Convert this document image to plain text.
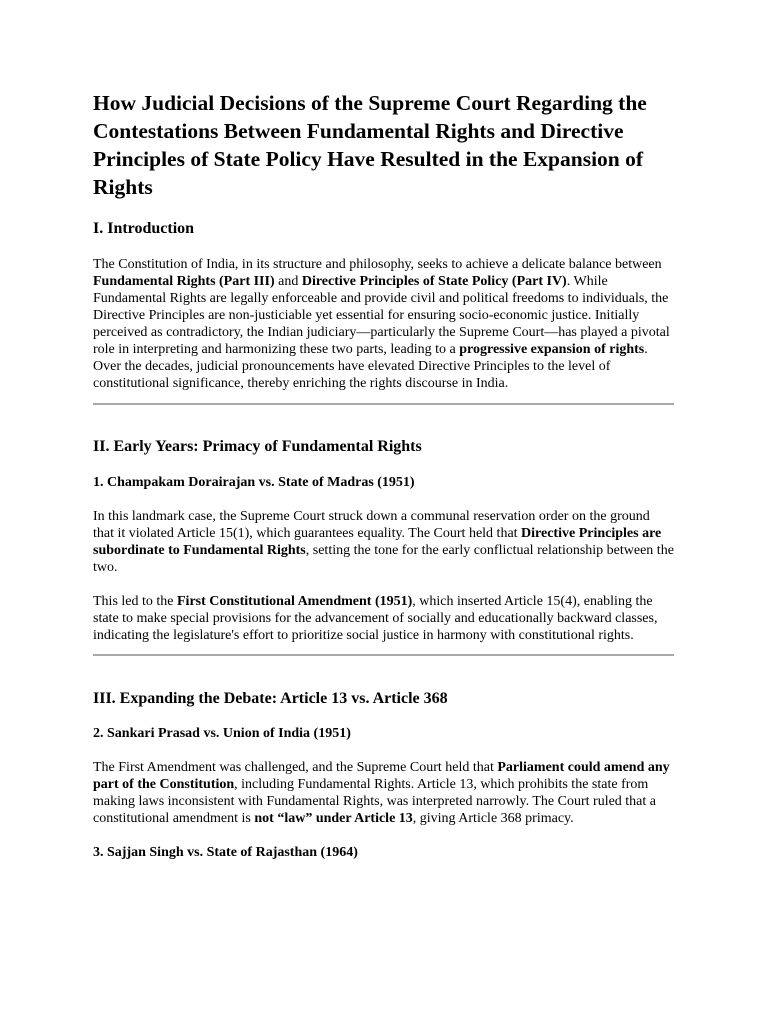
How Judicial Decisions of the Supreme Court Regarding the Contestations Between Fundamental Rights and Directive Principles of State Policy Have Resulted in the Expansion of Rights
I. Introduction

The Constitution of India, in its structure and philosophy, seeks to achieve a delicate balance between Fundamental Rights (Part III) and Directive Principles of State Policy (Part IV). While Fundamental Rights are legally enforceable and provide civil and political freedoms to individuals, the Directive Principles are non-justiciable yet essential for ensuring socio-economic justice. Initially perceived as contradictory, the Indian judiciary—particularly the Supreme Court—has played a pivotal role in interpreting and harmonizing these two parts, leading to a progressive expansion of rights. Over the decades, judicial pronouncements have elevated Directive Principles to the level of constitutional significance, thereby enriching the rights discourse in India.

II. Early Years: Primacy of Fundamental Rights
1. Champakam Dorairajan vs. State of Madras (1951)

In this landmark case, the Supreme Court struck down a communal reservation order on the ground that it violated Article 15(1), which guarantees equality. The Court held that Directive Principles are subordinate to Fundamental Rights, setting the tone for the early conflictual relationship between the two.

This led to the First Constitutional Amendment (1951), which inserted Article 15(4), enabling the state to make special provisions for the advancement of socially and educationally backward classes, indicating the legislature's effort to prioritize social justice in harmony with constitutional rights.

III. Expanding the Debate: Article 13 vs. Article 368
2. Sankari Prasad vs. Union of India (1951)

The First Amendment was challenged, and the Supreme Court held that Parliament could amend any part of the Constitution, including Fundamental Rights. Article 13, which prohibits the state from making laws inconsistent with Fundamental Rights, was interpreted narrowly. The Court ruled that a constitutional amendment is not “law” under Article 13, giving Article 368 primacy.

3. Sajjan Singh vs. State of Rajasthan (1964)
